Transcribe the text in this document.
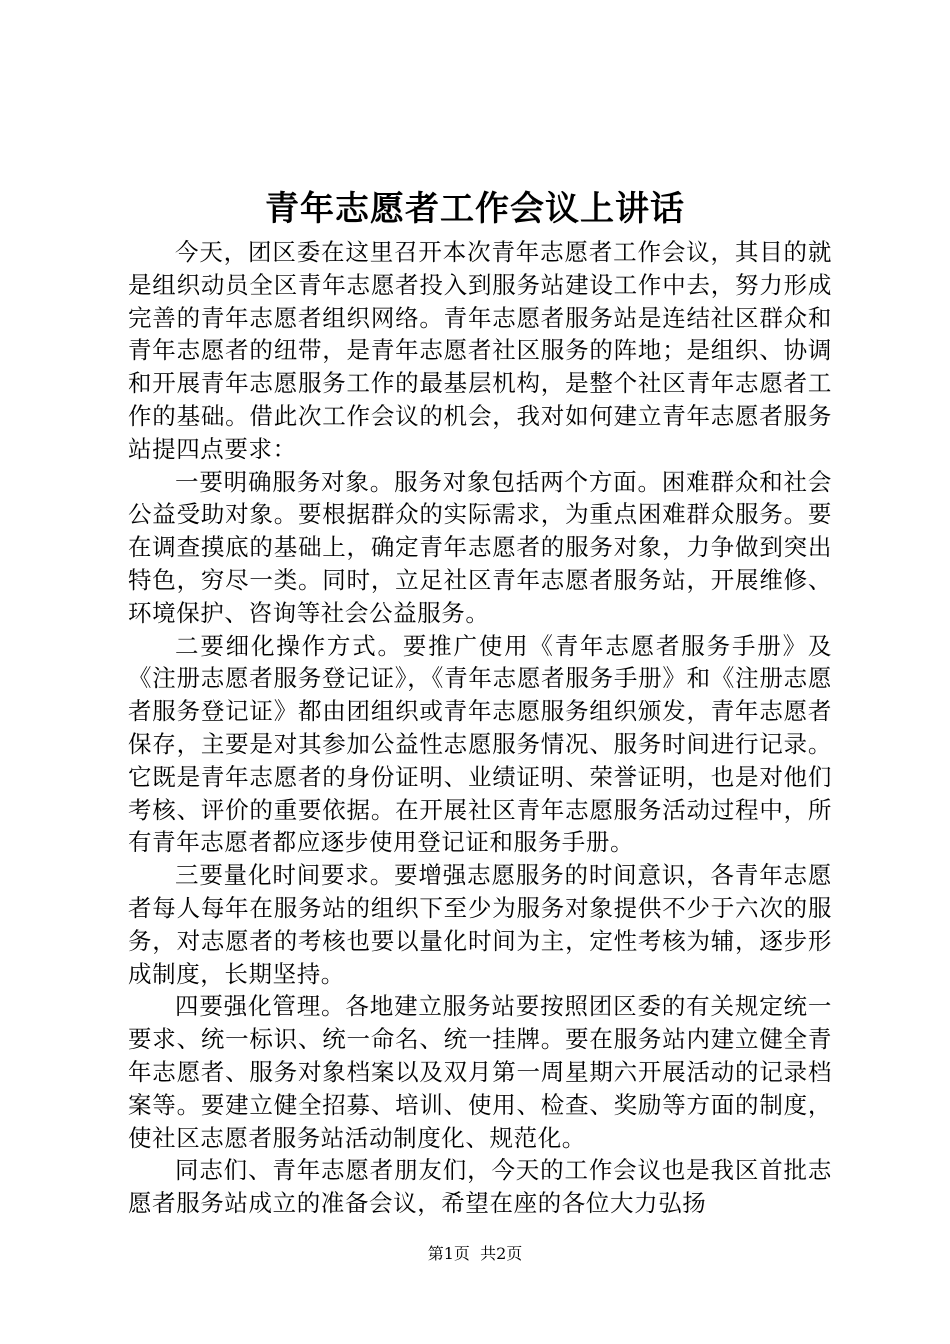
青年志愿者工作会议上讲话

今天，团区委在这里召开本次青年志愿者工作会议，其目的就是组织动员全区青年志愿者投入到服务站建设工作中去，努力形成完善的青年志愿者组织网络。青年志愿者服务站是连结社区群众和青年志愿者的纽带，是青年志愿者社区服务的阵地；是组织、协调和开展青年志愿服务工作的最基层机构，是整个社区青年志愿者工作的基础。借此次工作会议的机会，我对如何建立青年志愿者服务站提四点要求：

一要明确服务对象。服务对象包括两个方面。困难群众和社会公益受助对象。要根据群众的实际需求，为重点困难群众服务。要在调查摸底的基础上，确定青年志愿者的服务对象，力争做到突出特色，穷尽一类。同时，立足社区青年志愿者服务站，开展维修、环境保护、咨询等社会公益服务。

二要细化操作方式。要推广使用《青年志愿者服务手册》及《注册志愿者服务登记证》，《青年志愿者服务手册》和《注册志愿者服务登记证》都由团组织或青年志愿服务组织颁发，青年志愿者保存，主要是对其参加公益性志愿服务情况、服务时间进行记录。它既是青年志愿者的身份证明、业绩证明、荣誉证明，也是对他们考核、评价的重要依据。在开展社区青年志愿服务活动过程中，所有青年志愿者都应逐步使用登记证和服务手册。

三要量化时间要求。要增强志愿服务的时间意识，各青年志愿者每人每年在服务站的组织下至少为服务对象提供不少于六次的服务，对志愿者的考核也要以量化时间为主，定性考核为辅，逐步形成制度，长期坚持。

四要强化管理。各地建立服务站要按照团区委的有关规定统一要求、统一标识、统一命名、统一挂牌。要在服务站内建立健全青年志愿者、服务对象档案以及双月第一周星期六开展活动的记录档案等。要建立健全招募、培训、使用、检查、奖励等方面的制度，使社区志愿者服务站活动制度化、规范化。

同志们、青年志愿者朋友们，今天的工作会议也是我区首批志愿者服务站成立的准备会议，希望在座的各位大力弘扬

第1页 共2页
